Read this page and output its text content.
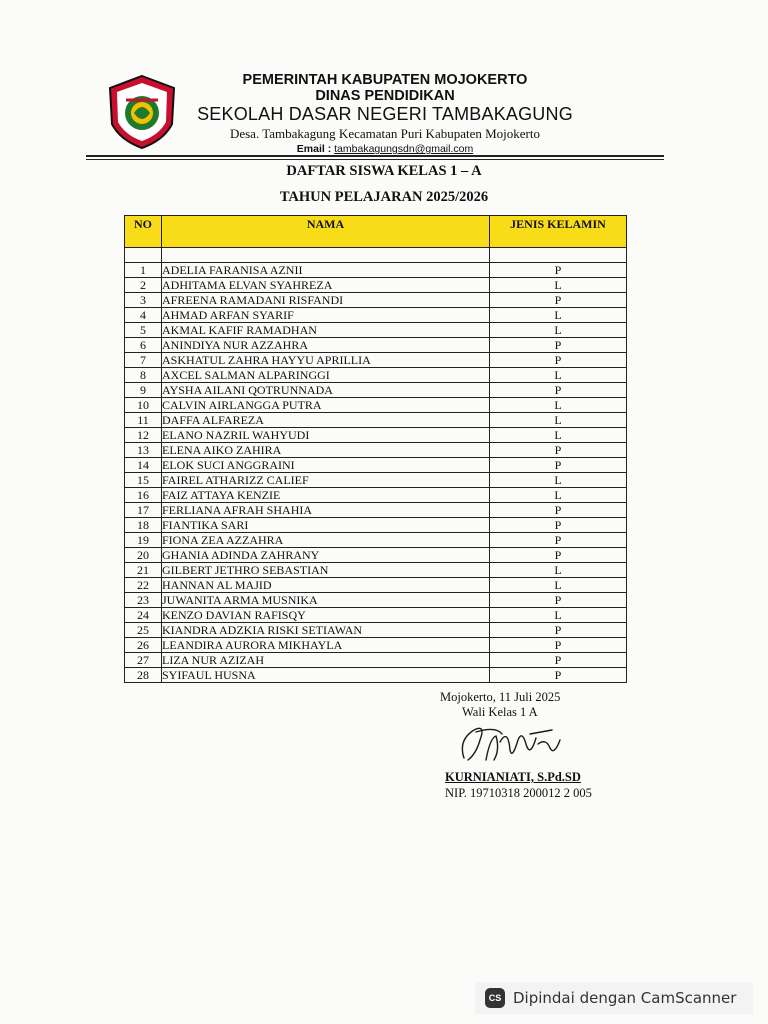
PEMERINTAH KABUPATEN MOJOKERTO
DINAS PENDIDIKAN
SEKOLAH DASAR NEGERI TAMBAKAGUNG
Desa. Tambakagung Kecamatan Puri Kabupaten Mojokerto
Email : tambakagungsdn@gmail.com
DAFTAR SISWA KELAS 1 – A
TAHUN PELAJARAN 2025/2026
NO	NAMA	JENIS KELAMIN

1	ADELIA FARANISA AZNII	P
2	ADHITAMA ELVAN SYAHREZA	L
3	AFREENA RAMADANI RISFANDI	P
4	AHMAD ARFAN SYARIF	L
5	AKMAL KAFIF RAMADHAN	L
6	ANINDIYA NUR AZZAHRA	P
7	ASKHATUL ZAHRA HAYYU APRILLIA	P
8	AXCEL SALMAN ALPARINGGI	L
9	AYSHA AILANI QOTRUNNADA	P
10	CALVIN AIRLANGGA PUTRA	L
11	DAFFA ALFAREZA	L
12	ELANO NAZRIL WAHYUDI	L
13	ELENA AIKO ZAHIRA	P
14	ELOK SUCI ANGGRAINI	P
15	FAIREL ATHARIZZ CALIEF	L
16	FAIZ ATTAYA KENZIE	L
17	FERLIANA AFRAH SHAHIA	P
18	FIANTIKA SARI	P
19	FIONA ZEA AZZAHRA	P
20	GHANIA ADINDA ZAHRANY	P
21	GILBERT JETHRO SEBASTIAN	L
22	HANNAN AL MAJID	L
23	JUWANITA ARMA MUSNIKA	P
24	KENZO DAVIAN RAFISQY	L
25	KIANDRA ADZKIA RISKI SETIAWAN	P
26	LEANDIRA AURORA MIKHAYLA	P
27	LIZA NUR AZIZAH	P
28	SYIFAUL HUSNA	P
Mojokerto, 11 Juli 2025
Wali Kelas 1 A
KURNIANIATI, S.Pd.SD
NIP. 19710318 200012 2 005
CS Dipindai dengan CamScanner
